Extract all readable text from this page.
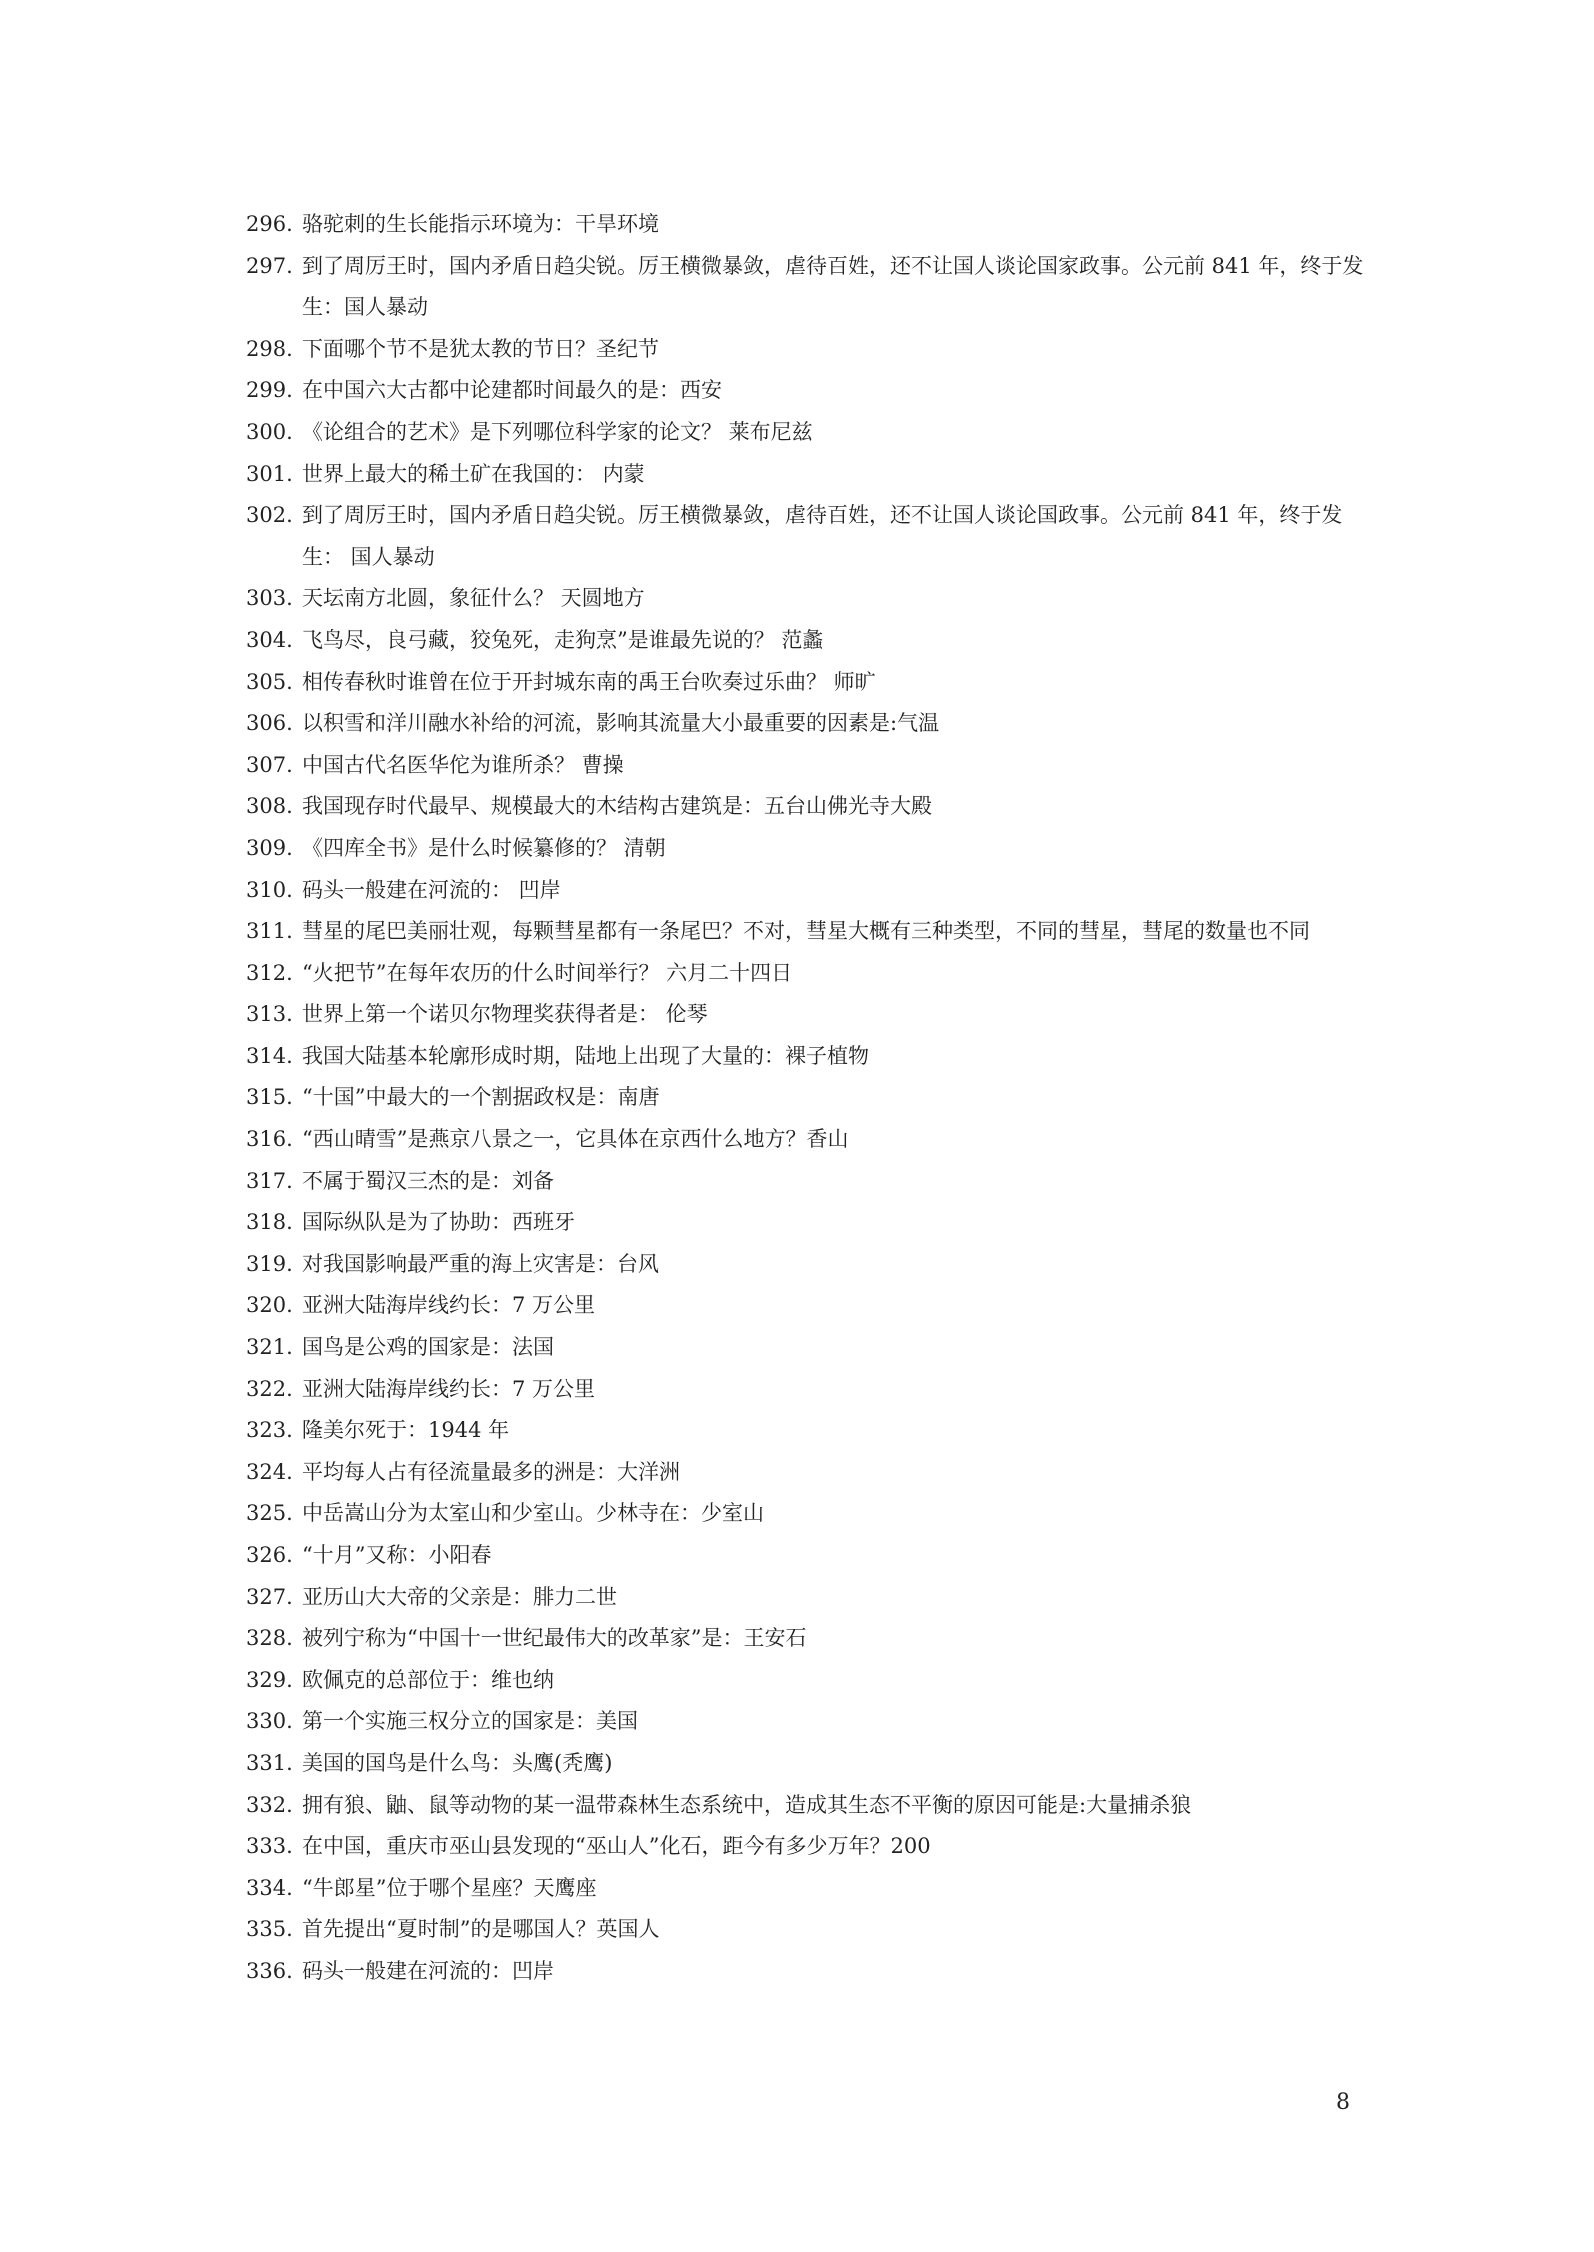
296. 骆驼刺的生长能指示环境为：干旱环境
297. 到了周厉王时，国内矛盾日趋尖锐。厉王横微暴敛，虐待百姓，还不让国人谈论国家政事。公元前 841 年，终于发生：国人暴动
298. 下面哪个节不是犹太教的节日？圣纪节
299. 在中国六大古都中论建都时间最久的是：西安
300. 《论组合的艺术》是下列哪位科学家的论文？ 莱布尼兹
301. 世界上最大的稀土矿在我国的： 内蒙
302. 到了周厉王时，国内矛盾日趋尖锐。厉王横微暴敛，虐待百姓，还不让国人谈论国政事。公元前 841 年，终于发生： 国人暴动
303. 天坛南方北圆，象征什么？ 天圆地方
304. 飞鸟尽，良弓藏，狡兔死，走狗烹”是谁最先说的？ 范蠡
305. 相传春秋时谁曾在位于开封城东南的禹王台吹奏过乐曲？ 师旷
306. 以积雪和洋川融水补给的河流，影响其流量大小最重要的因素是:气温
307. 中国古代名医华佗为谁所杀？ 曹操
308. 我国现存时代最早、规模最大的木结构古建筑是：五台山佛光寺大殿
309. 《四库全书》是什么时候纂修的？ 清朝
310. 码头一般建在河流的： 凹岸
311. 彗星的尾巴美丽壮观，每颗彗星都有一条尾巴？不对，彗星大概有三种类型，不同的彗星，彗尾的数量也不同
312. “火把节”在每年农历的什么时间举行？ 六月二十四日
313. 世界上第一个诺贝尔物理奖获得者是： 伦琴
314. 我国大陆基本轮廓形成时期，陆地上出现了大量的：裸子植物
315. “十国”中最大的一个割据政权是：南唐
316. “西山晴雪”是燕京八景之一，它具体在京西什么地方？香山
317. 不属于蜀汉三杰的是：刘备
318. 国际纵队是为了协助：西班牙
319. 对我国影响最严重的海上灾害是：台风
320. 亚洲大陆海岸线约长：7 万公里
321. 国鸟是公鸡的国家是：法国
322. 亚洲大陆海岸线约长：7 万公里
323. 隆美尔死于：1944 年
324. 平均每人占有径流量最多的洲是：大洋洲
325. 中岳嵩山分为太室山和少室山。少林寺在：少室山
326. “十月”又称：小阳春
327. 亚历山大大帝的父亲是：腓力二世
328. 被列宁称为“中国十一世纪最伟大的改革家”是：王安石
329. 欧佩克的总部位于：维也纳
330. 第一个实施三权分立的国家是：美国
331. 美国的国鸟是什么鸟：头鹰(秃鹰)
332. 拥有狼、鼬、鼠等动物的某一温带森林生态系统中，造成其生态不平衡的原因可能是:大量捕杀狼
333. 在中国，重庆市巫山县发现的“巫山人”化石，距今有多少万年？200
334. “牛郎星”位于哪个星座？天鹰座
335. 首先提出“夏时制”的是哪国人？英国人
336. 码头一般建在河流的：凹岸
8
